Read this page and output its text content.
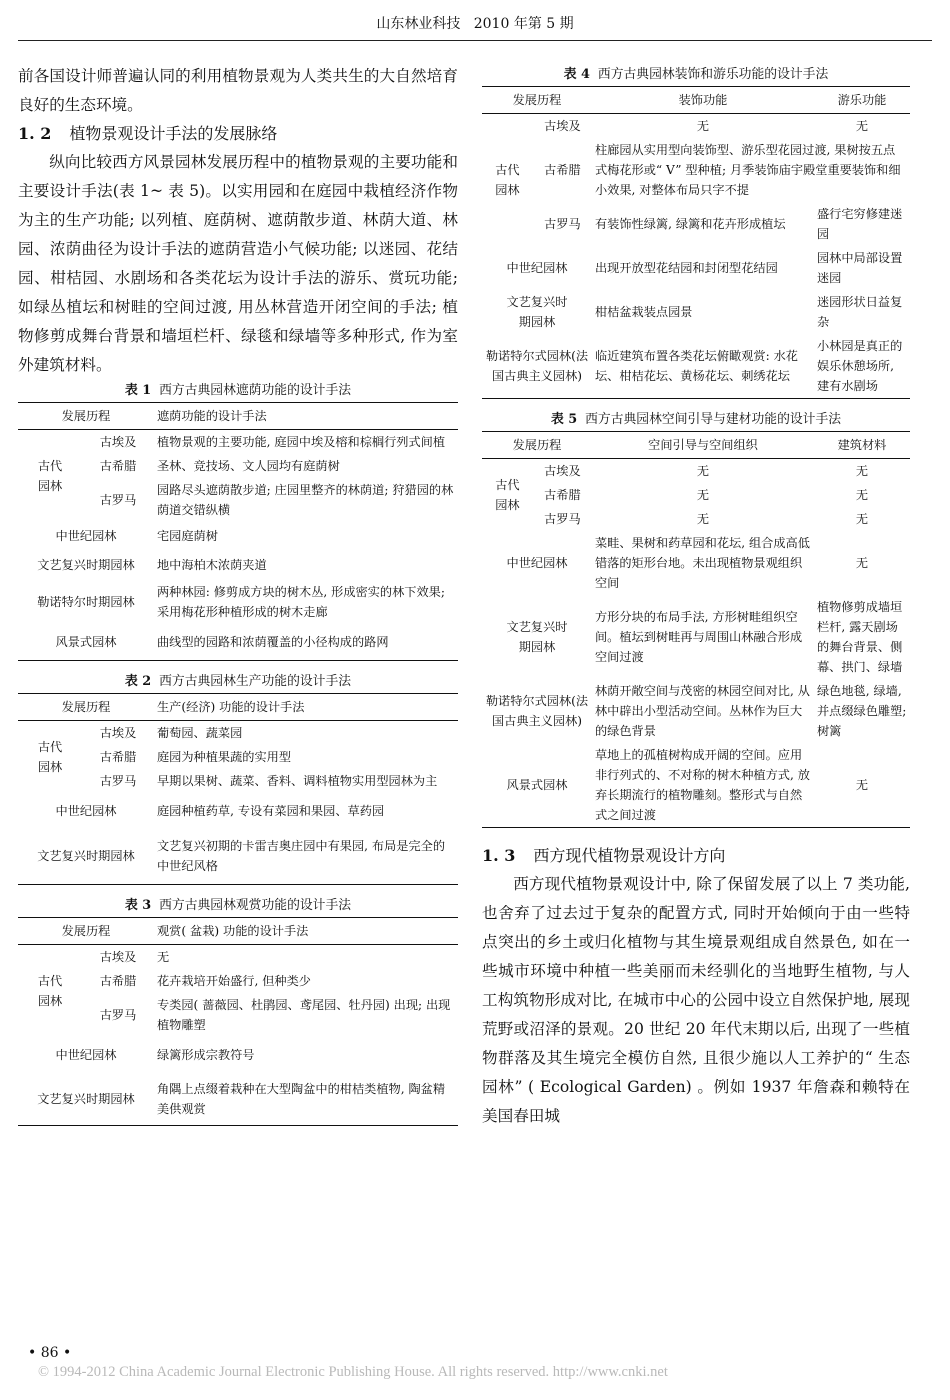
山东林业科技 2010 年第 5 期

前各国设计师普遍认同的利用植物景观为人类共生的大自然培育良好的生态环境。

1. 2 植物景观设计手法的发展脉络

纵向比较西方风景园林发展历程中的植物景观的主要功能和主要设计手法(表 1~ 表 5)。以实用园和在庭园中栽植经济作物为主的生产功能; 以列植、庭荫树、遮荫散步道、林荫大道、林园、浓荫曲径为设计手法的遮荫营造小气候功能; 以迷园、花结园、柑桔园、水剧场和各类花坛为设计手法的游乐、赏玩功能; 如绿丛植坛和树畦的空间过渡, 用丛林营造开闭空间的手法; 植物修剪成舞台背景和墙垣栏杆、绿毯和绿墙等多种形式, 作为室外建筑材料。

表 1 西方古典园林遮荫功能的设计手法
发展历程		遮荫功能的设计手法
古代园林	古埃及	植物景观的主要功能, 庭园中埃及榕和棕榈行列式间植
	古希腊	圣林、竞技场、文人园均有庭荫树
	古罗马	园路尽头遮荫散步道; 庄园里整齐的林荫道; 狩猎园的林荫道交错纵横
中世纪园林		宅园庭荫树
文艺复兴时期园林		地中海柏木浓荫夹道
勒诺特尔时期园林		两种林园: 修剪成方块的树木丛, 形成密实的林下效果; 采用梅花形种植形成的树木走廊
风景式园林		曲线型的园路和浓荫覆盖的小径构成的路网
表 2 西方古典园林生产功能的设计手法
发展历程		生产(经济) 功能的设计手法
古代园林	古埃及	葡萄园、蔬菜园
	古希腊	庭园为种植果蔬的实用型
	古罗马	早期以果树、蔬菜、香料、调料植物实用型园林为主
中世纪园林		庭园种植药草, 专设有菜园和果园、草药园
文艺复兴时期园林		文艺复兴初期的卡雷吉奥庄园中有果园, 布局是完全的中世纪风格
表 3 西方古典园林观赏功能的设计手法
发展历程		观赏( 盆栽) 功能的设计手法
古代园林	古埃及	无
	古希腊	花卉栽培开始盛行, 但种类少
	古罗马	专类园( 蔷薇园、杜鹃园、鸢尾园、牡丹园) 出现; 出现植物雕塑
中世纪园林		绿篱形成宗教符号
文艺复兴时期园林		角隅上点缀着栽种在大型陶盆中的柑桔类植物, 陶盆精美供观赏
表 4 西方古典园林装饰和游乐功能的设计手法
发展历程		装饰功能	游乐功能
古代园林	古埃及	无	无
	古希腊	柱廊园从实用型向装饰型、游乐型花园过渡, 果树按五点式梅花形或“ V” 型种植; 月季装饰庙宇殿堂重要装饰和细小效果, 对整体布局只字不提	
	古罗马	有装饰性绿篱, 绿篱和花卉形成植坛	盛行宅穷修建迷园
中世纪园林		出现开放型花结园和封闭型花结园	园林中局部设置迷园
文艺复兴时期园林		柑桔盆栽装点园景	迷园形状日益复杂
勒诺特尔式园林(法国古典主义园林)		临近建筑布置各类花坛俯瞰观赏: 水花坛、柑桔花坛、黄杨花坛、刺绣花坛	小林园是真正的娱乐休憩场所, 建有水剧场
表 5 西方古典园林空间引导与建材功能的设计手法
发展历程		空间引导与空间组织	建筑材料
古代园林	古埃及	无	无
	古希腊	无	无
	古罗马	无	无
中世纪园林		菜畦、果树和药草园和花坛, 组合成高低错落的矩形台地。未出现植物景观组织空间	无
文艺复兴时期园林		方形分块的布局手法, 方形树畦组织空间。植坛到树畦再与周围山林融合形成空间过渡	植物修剪成墙垣栏杆, 露天剧场的舞台背景、侧幕、拱门、绿墙
勒诺特尔式园林(法国古典主义园林)		林荫开敞空间与茂密的林园空间对比, 从林中辟出小型活动空间。丛林作为巨大的绿色背景	绿色地毯, 绿墙, 并点缀绿色雕塑; 树篱
风景式园林		草地上的孤植树构成开阔的空间。应用非行列式的、不对称的树木种植方式, 放弃长期流行的植物雕刻。整形式与自然式之间过渡	无
1. 3 西方现代植物景观设计方向

西方现代植物景观设计中, 除了保留发展了以上 7 类功能, 也舍弃了过去过于复杂的配置方式, 同时开始倾向于由一些特点突出的乡土或归化植物与其生境景观组成自然景色, 如在一些城市环境中种植一些美丽而未经驯化的当地野生植物, 与人工构筑物形成对比, 在城市中心的公园中设立自然保护地, 展现荒野或沼泽的景观。20 世纪 20 年代末期以后, 出现了一些植物群落及其生境完全模仿自然, 且很少施以人工养护的“ 生态园林” ( Ecological Garden) 。例如 1937 年詹森和赖特在美国春田城

• 86 •
© 1994-2012 China Academic Journal Electronic Publishing House. All rights reserved. http://www.cnki.net
